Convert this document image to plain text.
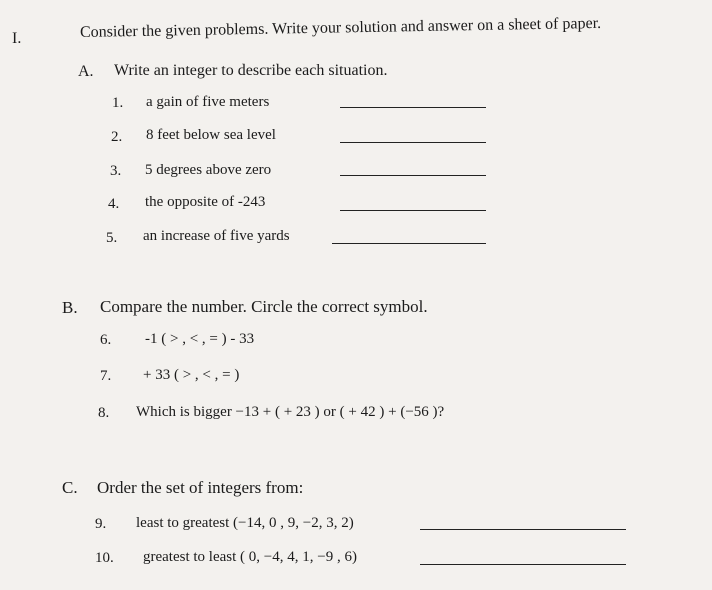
I.	Consider the given problems. Write your solution and answer on a sheet of paper.
A. Write an integer to describe each situation.
1. a gain of five meters
2. 8 feet below sea level
3. 5 degrees above zero
4. the opposite of -243
5. an increase of five yards
B. Compare the number. Circle the correct symbol.
6. -1 ( > , < , = ) - 33
7. + 33 ( > , < , = )
8. Which is bigger −13 + ( + 23 ) or ( + 42 ) + (−56 )?
C. Order the set of integers from:
9. least to greatest (−14, 0 , 9, −2, 3, 2)
10. greatest to least ( 0, −4, 4, 1, −9 , 6)
